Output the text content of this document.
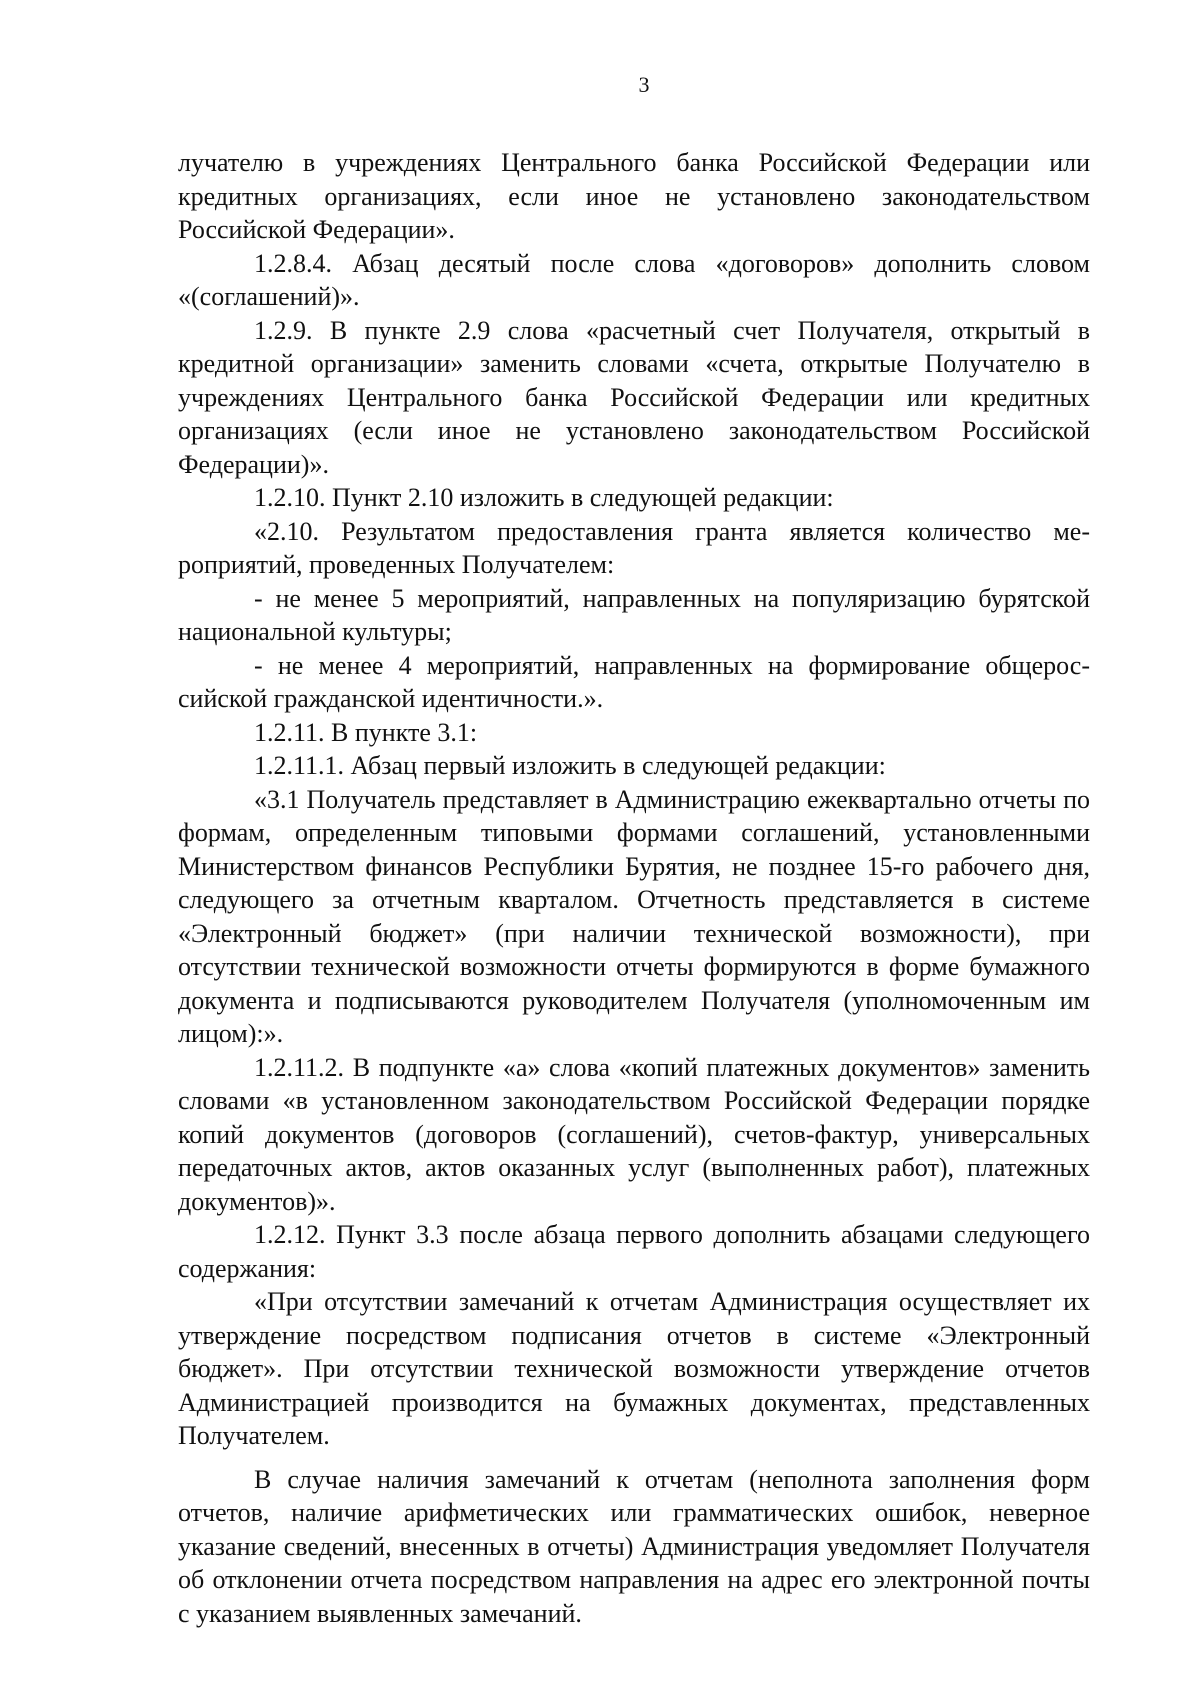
3

лучателю в учреждениях Центрального банка Российской Федерации или кредитных организациях, если иное не установлено законодательством Российской Федерации».

1.2.8.4. Абзац десятый после слова «договоров» дополнить словом «(соглашений)».

1.2.9. В пункте 2.9 слова «расчетный счет Получателя, открытый в кредитной организации» заменить словами «счета, открытые Получателю в учреждениях Центрального банка Российской Федерации или кредитных организациях (если иное не установлено законодательством Российской Федерации)».

1.2.10. Пункт 2.10 изложить в следующей редакции:

«2.10. Результатом предоставления гранта является количество мероприятий, проведенных Получателем:

- не менее 5 мероприятий, направленных на популяризацию бурятской национальной культуры;

- не менее 4 мероприятий, направленных на формирование общероссийской гражданской идентичности.».

1.2.11. В пункте 3.1:

1.2.11.1. Абзац первый изложить в следующей редакции:

«3.1 Получатель представляет в Администрацию ежеквартально отчеты по формам, определенным типовыми формами соглашений, установленными Министерством финансов Республики Бурятия, не позднее 15-го рабочего дня, следующего за отчетным кварталом. Отчетность представляется в системе «Электронный бюджет» (при наличии технической возможности), при отсутствии технической возможности отчеты формируются в форме бумажного документа и подписываются руководителем Получателя (уполномоченным им лицом):».

1.2.11.2. В подпункте «а» слова «копий платежных документов» заменить словами «в установленном законодательством Российской Федерации порядке копий документов (договоров (соглашений), счетов-фактур, универсальных передаточных актов, актов оказанных услуг (выполненных работ), платежных документов)».

1.2.12. Пункт 3.3 после абзаца первого дополнить абзацами следующего содержания:

«При отсутствии замечаний к отчетам Администрация осуществляет их утверждение посредством подписания отчетов в системе «Электронный бюджет». При отсутствии технической возможности утверждение отчетов Администрацией производится на бумажных документах, представленных Получателем.

В случае наличия замечаний к отчетам (неполнота заполнения форм отчетов, наличие арифметических или грамматических ошибок, неверное указание сведений, внесенных в отчеты) Администрация уведомляет Получателя об отклонении отчета посредством направления на адрес его электронной почты с указанием выявленных замечаний.
